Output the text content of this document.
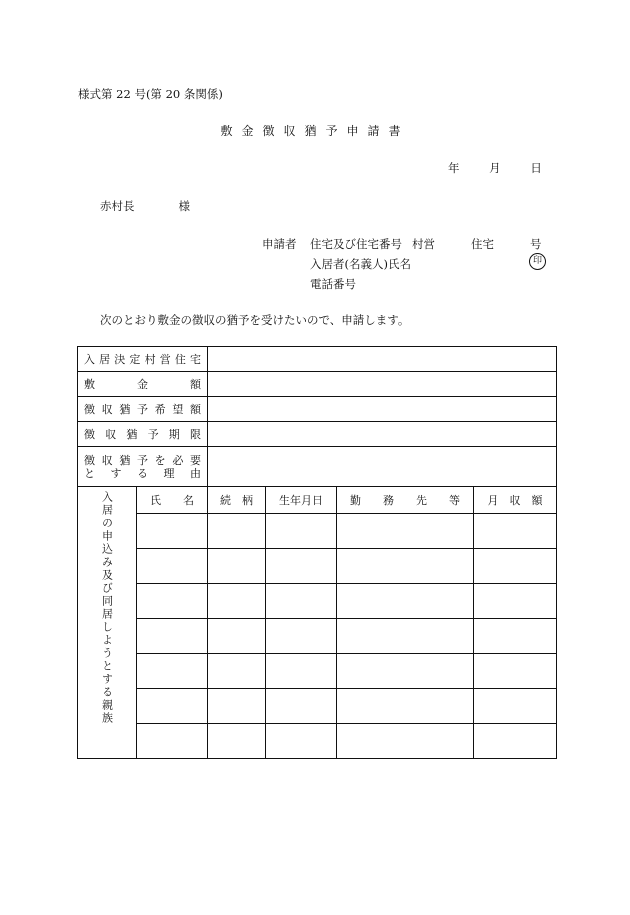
様式第 22 号(第 20 条関係)
敷金徴収猶予申請書
年	月	日
赤村長	様
申請者 住宅及び住宅番号 村営	住宅	号
入居者(名義人)氏名	印
電話番号
次のとおり敷金の徴収の猶予を受けたいので、申請します。
入居決定村営住宅					
敷金額					
徴収猶予希望額					
徴収猶予期限					

徴収猶予を必要
とする理由					

入居の申込み及び同居しようとする親族	氏　　名	続　柄	生年月日	勤　　務　　先　　等	月　収　額
